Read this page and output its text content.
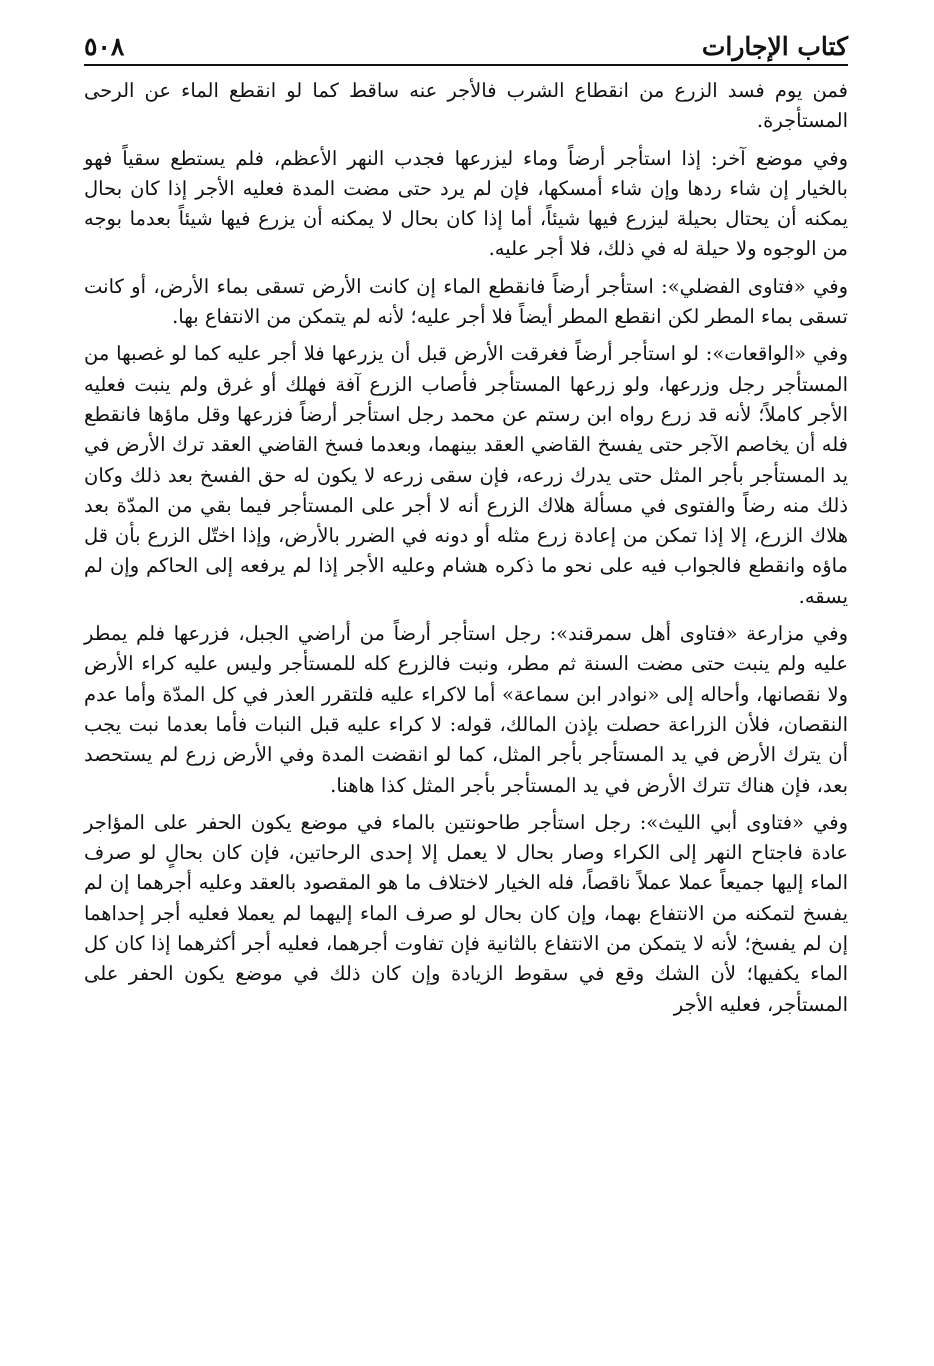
كتاب الإجارات
٥٠٨

فمن يوم فسد الزرع من انقطاع الشرب فالأجر عنه ساقط كما لو انقطع الماء عن الرحى المستأجرة.

وفي موضع آخر: إذا استأجر أرضاً وماء ليزرعها فجدب النهر الأعظم، فلم يستطع سقياً فهو بالخيار إن شاء ردها وإن شاء أمسكها، فإن لم يرد حتى مضت المدة فعليه الأجر إذا كان بحال يمكنه أن يحتال بحيلة ليزرع فيها شيئاً، أما إذا كان بحال لا يمكنه أن يزرع فيها شيئاً بعدما بوجه من الوجوه ولا حيلة له في ذلك، فلا أجر عليه.

وفي «فتاوى الفضلي»: استأجر أرضاً فانقطع الماء إن كانت الأرض تسقى بماء الأرض، أو كانت تسقى بماء المطر لكن انقطع المطر أيضاً فلا أجر عليه؛ لأنه لم يتمكن من الانتفاع بها.

وفي «الواقعات»: لو استأجر أرضاً فغرقت الأرض قبل أن يزرعها فلا أجر عليه كما لو غصبها من المستأجر رجل وزرعها، ولو زرعها المستأجر فأصاب الزرع آفة فهلك أو غرق ولم ينبت فعليه الأجر كاملاً؛ لأنه قد زرع رواه ابن رستم عن محمد رجل استأجر أرضاً فزرعها وقل ماؤها فانقطع فله أن يخاصم الآجر حتى يفسخ القاضي العقد بينهما، وبعدما فسخ القاضي العقد ترك الأرض في يد المستأجر بأجر المثل حتى يدرك زرعه، فإن سقى زرعه لا يكون له حق الفسخ بعد ذلك وكان ذلك منه رضاً والفتوى في مسألة هلاك الزرع أنه لا أجر على المستأجر فيما بقي من المدّة بعد هلاك الزرع، إلا إذا تمكن من إعادة زرع مثله أو دونه في الضرر بالأرض، وإذا اختّل الزرع بأن قل ماؤه وانقطع فالجواب فيه على نحو ما ذكره هشام وعليه الأجر إذا لم يرفعه إلى الحاكم وإن لم يسقه.

وفي مزارعة «فتاوى أهل سمرقند»: رجل استأجر أرضاً من أراضي الجبل، فزرعها فلم يمطر عليه ولم ينبت حتى مضت السنة ثم مطر، ونبت فالزرع كله للمستأجر وليس عليه كراء الأرض ولا نقصانها، وأحاله إلى «نوادر ابن سماعة» أما لاكراء عليه فلتقرر العذر في كل المدّة وأما عدم النقصان، فلأن الزراعة حصلت بإذن المالك، قوله: لا كراء عليه قبل النبات فأما بعدما نبت يجب أن يترك الأرض في يد المستأجر بأجر المثل، كما لو انقضت المدة وفي الأرض زرع لم يستحصد بعد، فإن هناك تترك الأرض في يد المستأجر بأجر المثل كذا هاهنا.

وفي «فتاوى أبي الليث»: رجل استأجر طاحونتين بالماء في موضع يكون الحفر على المؤاجر عادة فاجتاح النهر إلى الكراء وصار بحال لا يعمل إلا إحدى الرحاتين، فإن كان بحالٍ لو صرف الماء إليها جميعاً عملا عملاً ناقصاً، فله الخيار لاختلاف ما هو المقصود بالعقد وعليه أجرهما إن لم يفسخ لتمكنه من الانتفاع بهما، وإن كان بحال لو صرف الماء إليهما لم يعملا فعليه أجر إحداهما إن لم يفسخ؛ لأنه لا يتمكن من الانتفاع بالثانية فإن تفاوت أجرهما، فعليه أجر أكثرهما إذا كان كل الماء يكفيها؛ لأن الشك وقع في سقوط الزيادة وإن كان ذلك في موضع يكون الحفر على المستأجر، فعليه الأجر
